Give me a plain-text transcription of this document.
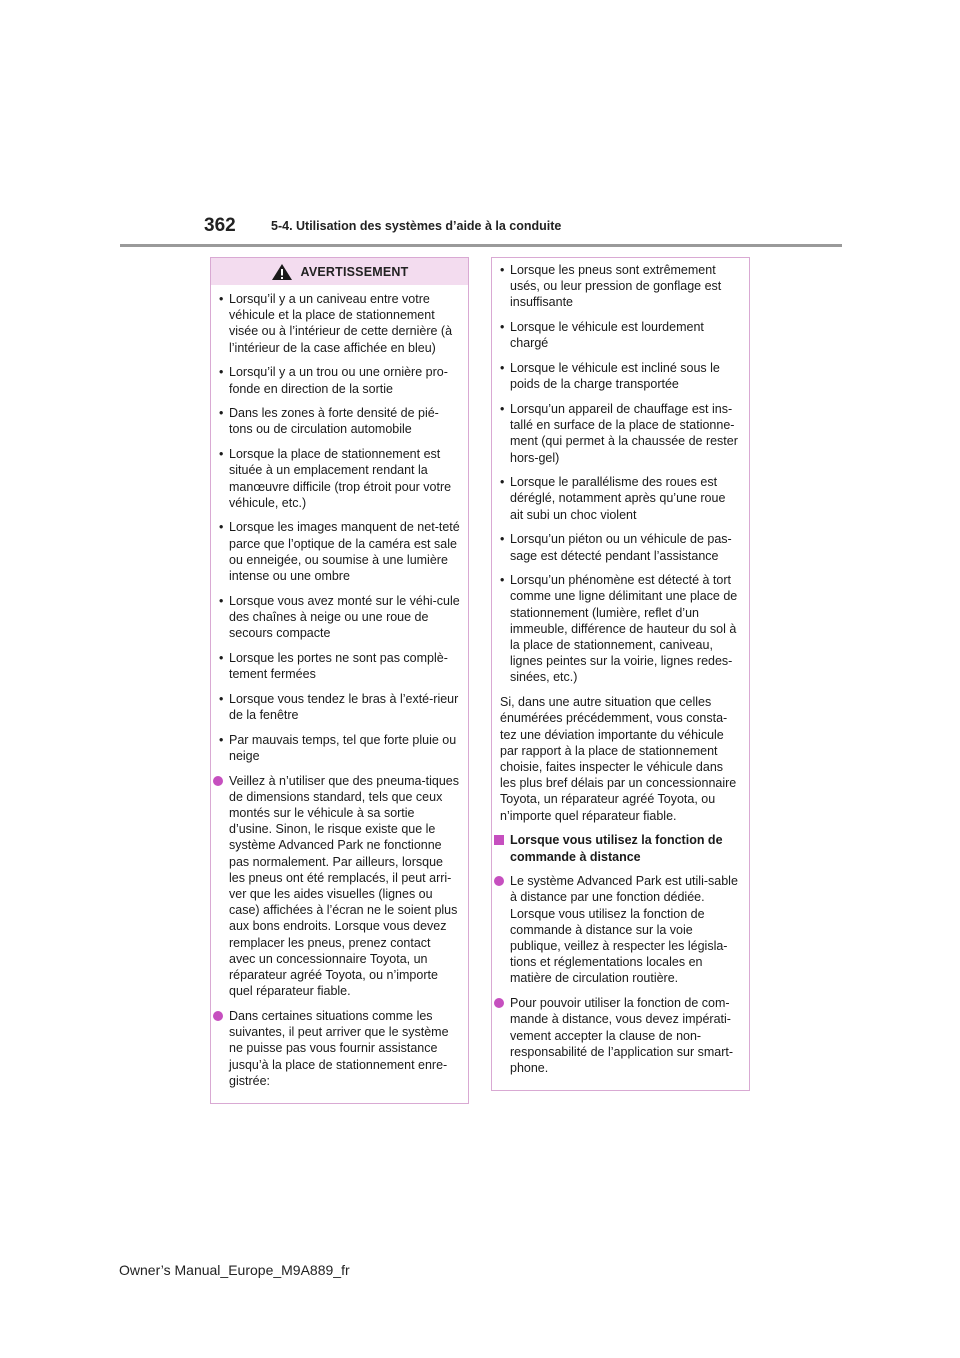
362	5-4. Utilisation des systèmes d’aide à la conduite
AVERTISSEMENT
• Lorsqu’il y a un caniveau entre votre véhicule et la place de stationnement visée ou à l’intérieur de cette dernière (à l’intérieur de la case affichée en bleu)
• Lorsqu’il y a un trou ou une ornière pro-fonde en direction de la sortie
• Dans les zones à forte densité de pié-tons ou de circulation automobile
• Lorsque la place de stationnement est située à un emplacement rendant la manœuvre difficile (trop étroit pour votre véhicule, etc.)
• Lorsque les images manquent de net-teté parce que l’optique de la caméra est sale ou enneigée, ou soumise à une lumière intense ou une ombre
• Lorsque vous avez monté sur le véhi-cule des chaînes à neige ou une roue de secours compacte
• Lorsque les portes ne sont pas complè-tement fermées
• Lorsque vous tendez le bras à l’exté-rieur de la fenêtre
• Par mauvais temps, tel que forte pluie ou neige
Veillez à n’utiliser que des pneuma-tiques de dimensions standard, tels que ceux montés sur le véhicule à sa sortie d’usine. Sinon, le risque existe que le système Advanced Park ne fonctionne pas normalement. Par ailleurs, lorsque les pneus ont été remplacés, il peut arri-ver que les aides visuelles (lignes ou case) affichées à l’écran ne le soient plus aux bons endroits. Lorsque vous devez remplacer les pneus, prenez contact avec un concessionnaire Toyota, un réparateur agréé Toyota, ou n’importe quel réparateur fiable.
Dans certaines situations comme les suivantes, il peut arriver que le système ne puisse pas vous fournir assistance jusqu’à la place de stationnement enre-gistrée:
• Lorsque les pneus sont extrêmement usés, ou leur pression de gonflage est insuffisante
• Lorsque le véhicule est lourdement chargé
• Lorsque le véhicule est incliné sous le poids de la charge transportée
• Lorsqu’un appareil de chauffage est ins-tallé en surface de la place de stationne-ment (qui permet à la chaussée de rester hors-gel)
• Lorsque le parallélisme des roues est déréglé, notamment après qu’une roue ait subi un choc violent
• Lorsqu’un piéton ou un véhicule de pas-sage est détecté pendant l’assistance
• Lorsqu’un phénomène est détecté à tort comme une ligne délimitant une place de stationnement (lumière, reflet d’un immeuble, différence de hauteur du sol à la place de stationnement, caniveau, lignes peintes sur la voirie, lignes redes-sinées, etc.)

Si, dans une autre situation que celles énumérées précédemment, vous consta-tez une déviation importante du véhicule par rapport à la place de stationnement choisie, faites inspecter le véhicule dans les plus bref délais par un concessionnaire Toyota, un réparateur agréé Toyota, ou n’importe quel réparateur fiable.

Lorsque vous utilisez la fonction de commande à distance
Le système Advanced Park est utili-sable à distance par une fonction dédiée. Lorsque vous utilisez la fonction de commande à distance sur la voie publique, veillez à respecter les législa-tions et réglementations locales en matière de circulation routière.
Pour pouvoir utiliser la fonction de com-mande à distance, vous devez impérati-vement accepter la clause de non-responsabilité de l’application sur smart-phone.
Owner’s Manual_Europe_M9A889_fr
